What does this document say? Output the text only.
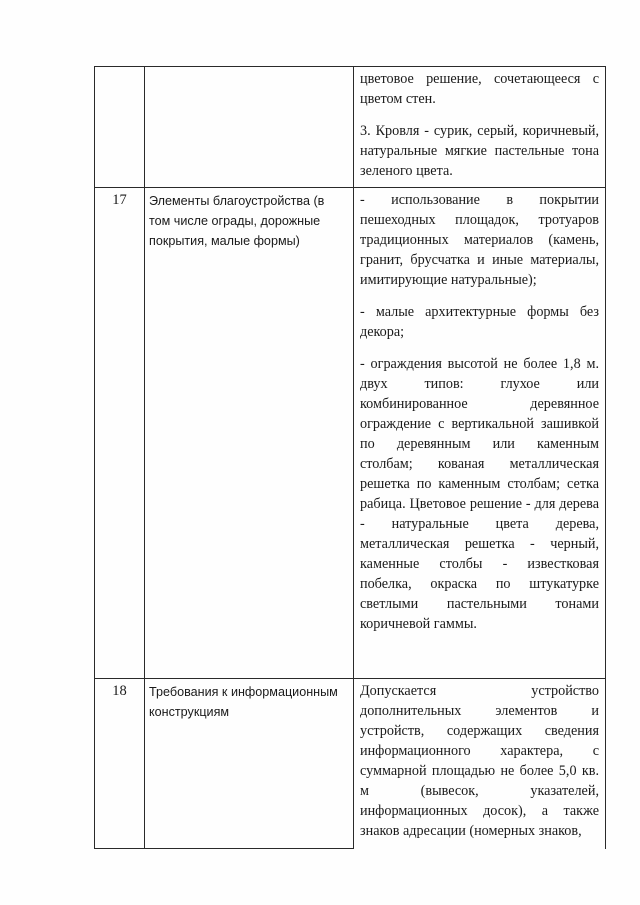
		цветовое решение, сочетающееся с цветом стен.

3. Кровля - сурик, серый, коричневый, натуральные мягкие пастельные тона зеленого цвета.

17	Элементы благоустройства (в том числе ограды, дорожные покрытия, малые формы)	- использование в покрытии пешеходных площадок, тротуаров традиционных материалов (камень, гранит, брусчатка и иные материалы, имитирующие натуральные);

- малые архитектурные формы без декора;

- ограждения высотой не более 1,8 м. двух типов: глухое или комбинированное деревянное ограждение с вертикальной зашивкой по деревянным или каменным столбам; кованая металлическая решетка по каменным столбам; сетка рабица. Цветовое решение - для дерева - натуральные цвета дерева, металлическая решетка - черный, каменные столбы - известковая побелка, окраска по штукатурке светлыми пастельными тонами коричневой гаммы.

18	Требования к информационным конструкциям	Допускается устройство дополнительных элементов и устройств, содержащих сведения информационного характера, с суммарной площадью не более 5,0 кв. м (вывесок, указателей, информационных досок), а также знаков адресации (номерных знаков,
